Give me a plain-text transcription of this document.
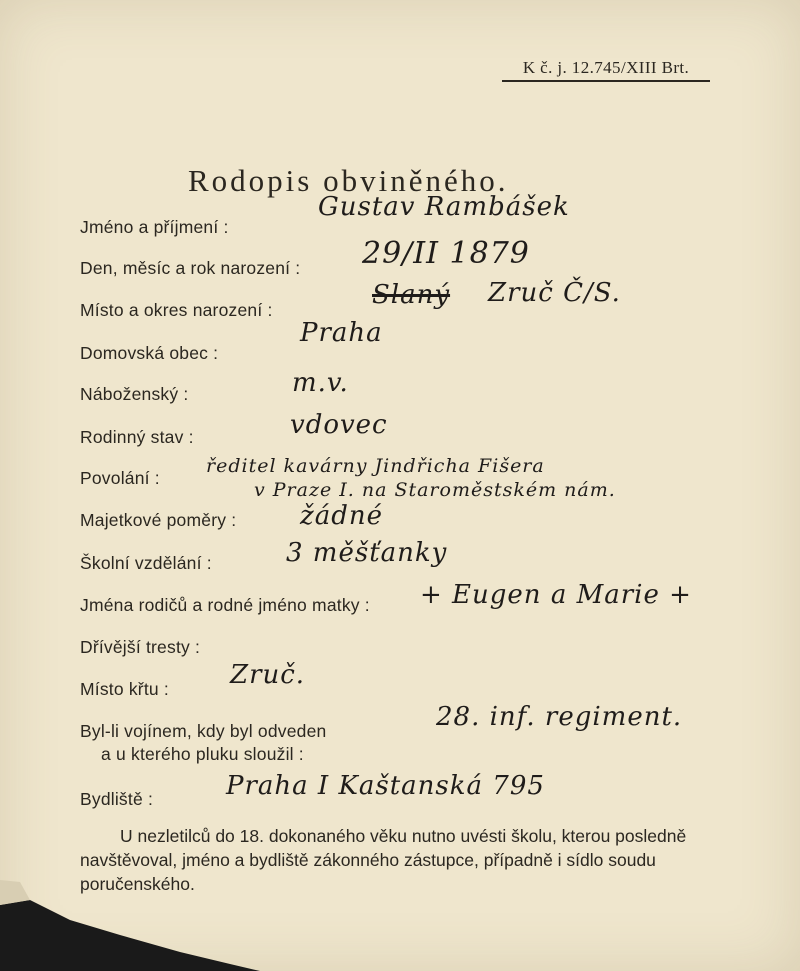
K č. j. 12.745/XIII Brt.
Rodopis obviněného.
Jméno a příjmení :
Den, měsíc a rok narození :
Místo a okres narození :
Domovská obec :
Náboženský :
Rodinný stav :
Povolání :
Majetkové poměry :
Školní vzdělání :
Jména rodičů a rodné jméno matky :
Dřívější tresty :
Místo křtu :
Byl-li vojínem, kdy byl odveden
a u kterého pluku sloužil :
Bydliště :
Gustav Rambášek
29/II 1879
Slaný Zruč Č/S.
Praha
m.v.
vdovec
ředitel kavárny Jindřicha Fišera
v Praze I. na Staroměstském nám.
žádné
3 měšťanky
+ Eugen a Marie +
Zruč.
28. inf. regiment.
Praha I Kaštanská 795

U nezletilců do 18. dokonaného věku nutno uvésti školu, kterou posledně navštěvoval, jméno a bydliště zákonného zástupce, případně i sídlo soudu poručenského.
